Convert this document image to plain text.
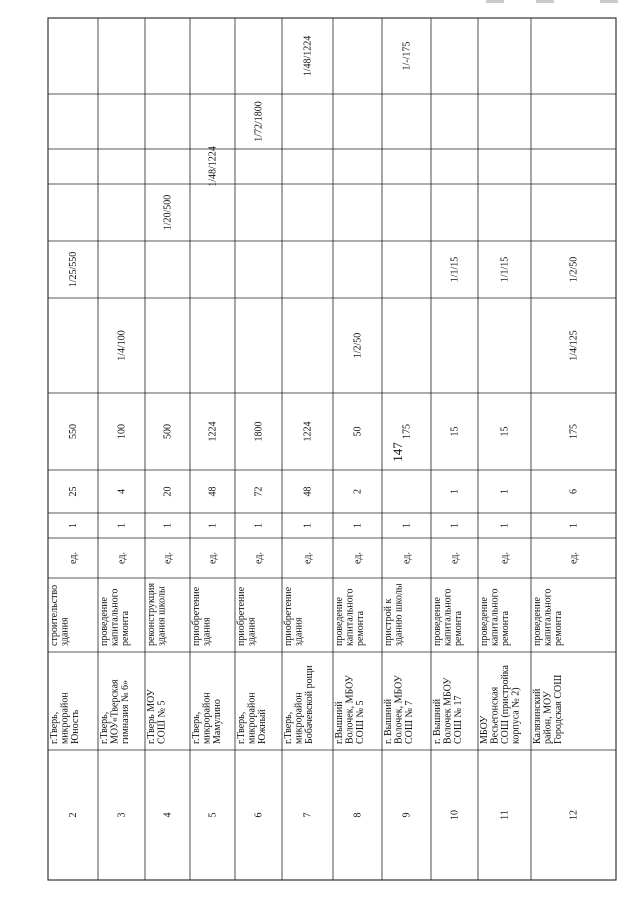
147
2
г.Тверь,микрорайонЮность
строительствоздания
ед.
1
25
550
1/25/550
3
г.Тверь,МОУ«Тверскаягимназия № 6»
проведениекапитальногоремонта
ед.
1
4
100
1/4/100
4
г.Тверь МОУСОШ № 5
реконструкцияздания школы
ед.
1
20
500
1/20/500
5
г.Тверь,микрорайонМамулино
приобретениездания
ед.
1
48
1224
1/48/1224
6
г.Тверь,микрорайонЮжный
приобретениездания
ед.
1
72
1800
1/72/1800
7
г.Тверь,микрорайонБобачевской рощи
приобретениездания
ед.
1
48
1224
1/48/1224
8
г.ВышнийВолочек, МБОУСОШ № 5
проведениекапитальногоремонта
ед.
1
2
50
1/2/50
9
г. ВышнийВолочек, МБОУСОШ № 7
пристрой кзданию школы
ед.
1
175
1/-/175
10
г. ВышнийВолочек МБОУСОШ № 17
проведениекапитальногоремонта
ед.
1
1
15
1/1/15
11
МБОУВесьегонскаяСОШ (пристройкакорпуса № 2)
проведениекапитальногоремонта
ед.
1
1
15
1/1/15
12
Калязинскийрайон, МОУГородская СОШ
проведениекапитальногоремонта
ед.
1
6
175
1/4/125
1/2/50
